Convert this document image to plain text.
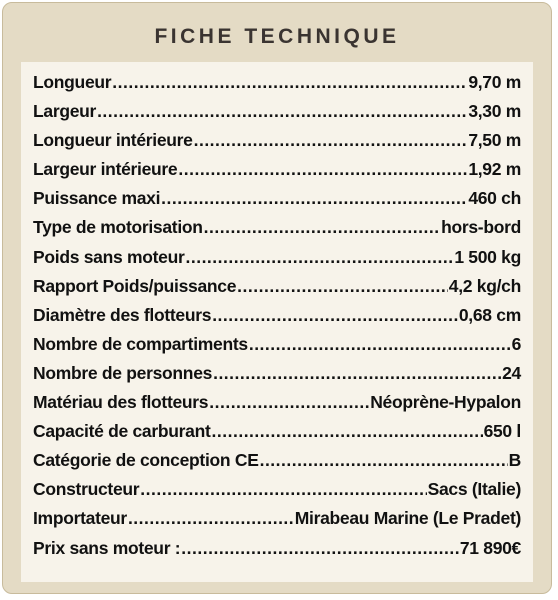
FICHE TECHNIQUE
Longueur .....	9,70 m
Largeur .....	3,30 m
Longueur intérieure .....	7,50 m
Largeur intérieure .....	1,92 m
Puissance maxi .....	460 ch
Type de motorisation .....	hors-bord
Poids sans moteur .....	1 500 kg
Rapport Poids/puissance .....	4,2 kg/ch
Diamètre des flotteurs .....	0,68 cm
Nombre de compartiments .....	6
Nombre de personnes .....	24
Matériau des flotteurs .....	Néoprène-Hypalon
Capacité de carburant .....	650 l
Catégorie de conception CE .....	B
Constructeur .....	Sacs (Italie)
Importateur .....	Mirabeau Marine (Le Pradet)
Prix sans moteur : .....	71 890€
